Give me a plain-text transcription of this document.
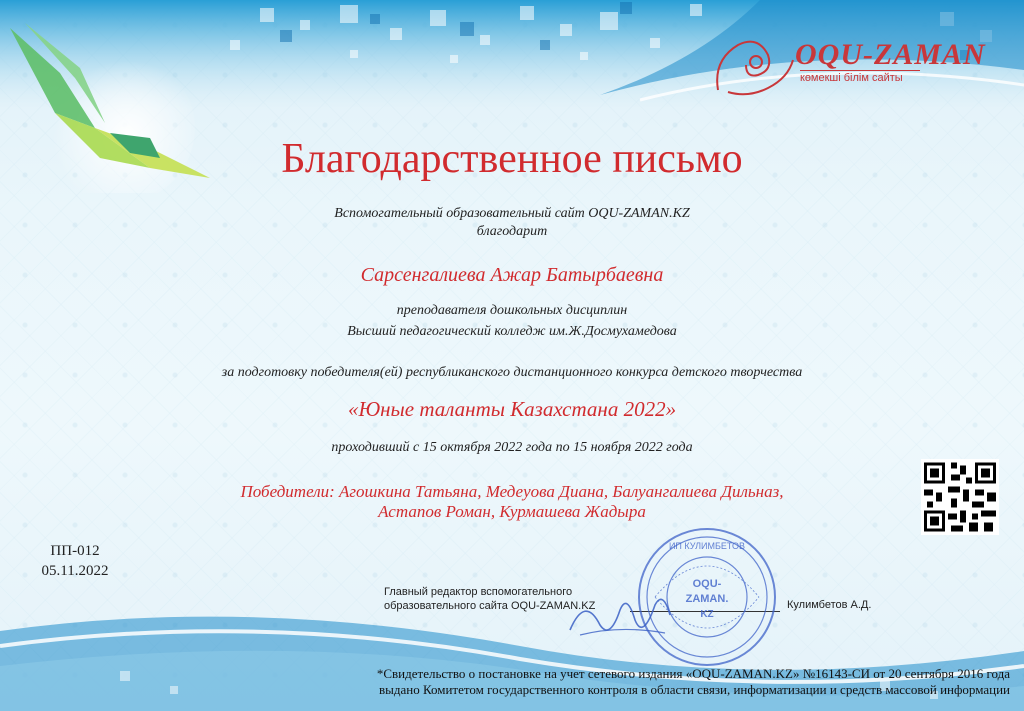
OQU-ZAMAN
көмекші білім сайты
Благодарственное письмо
Вспомогательный образовательный сайт OQU-ZAMAN.KZ
благодарит
Сарсенгалиева Ажар Батырбаевна
преподавателя дошкольных дисциплин
Высший педагогический колледж им.Ж.Досмухамедова
за подготовку победителя(ей) республиканского дистанционного конкурса детского творчества
«Юные таланты Казахстана 2022»
проходивший с 15 октября 2022 года по 15 ноября 2022 года
Победители: Агошкина Татьяна, Медеуова Диана, Балуангалиева Дильназ,
Астапов Роман, Курмашева Жадыра
ПП-012
05.11.2022
Главный редактор вспомогательного
образовательного сайта OQU-ZAMAN.KZ	Кулимбетов А.Д.
OQU-
ZAMAN.
KZ
ИП КУЛИМБЕТОВ
*Свидетельство о постановке на учет сетевого издания «OQU-ZAMAN.KZ» №16143-СИ от 20 сентября 2016 года
выдано Комитетом государственного контроля в области связи, информатизации и средств массовой информации
